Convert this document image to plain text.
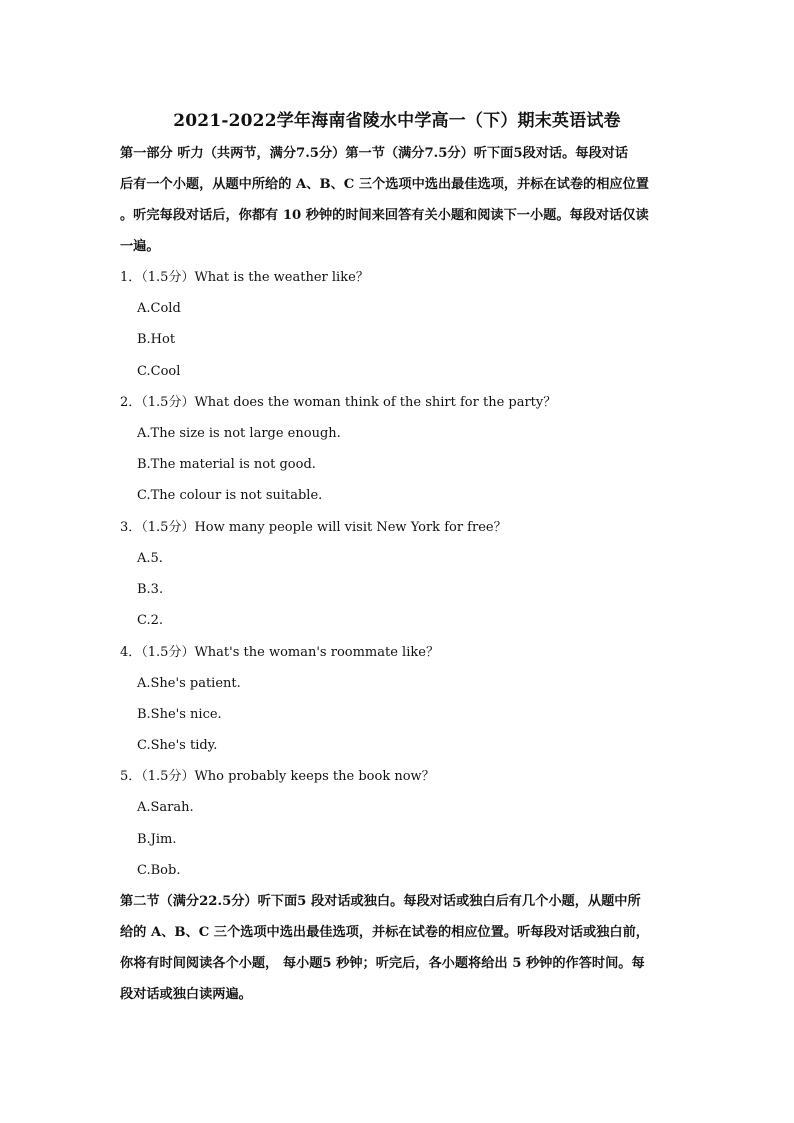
2021-2022学年海南省陵水中学高一（下）期末英语试卷
第一部分 听力（共两节，满分7.5分）第一节（满分7.5分）听下面5段对话。每段对话
后有一个小题，从题中所给的 A、B、C 三个选项中选出最佳选项，并标在试卷的相应位置
。听完每段对话后，你都有 10 秒钟的时间来回答有关小题和阅读下一小题。每段对话仅读
一遍。
1．（1.5分）What is the weather like？
A.Cold
B.Hot
C.Cool
2．（1.5分）What does the woman think of the shirt for the party？
A.The size is not large enough.
B.The material is not good.
C.The colour is not suitable.
3．（1.5分）How many people will visit New York for free？
A.5.
B.3.
C.2.
4．（1.5分）What's the woman's roommate like？
A.She's patient.
B.She's nice.
C.She's tidy.
5．（1.5分）Who probably keeps the book now？
A.Sarah.
B.Jim.
C.Bob.
第二节（满分22.5分）听下面5 段对话或独白。每段对话或独白后有几个小题，从题中所
给的 A、B、C 三个选项中选出最佳选项，并标在试卷的相应位置。听每段对话或独白前，
你将有时间阅读各个小题， 每小题5 秒钟；听完后，各小题将给出 5 秒钟的作答时间。每
段对话或独白读两遍。
